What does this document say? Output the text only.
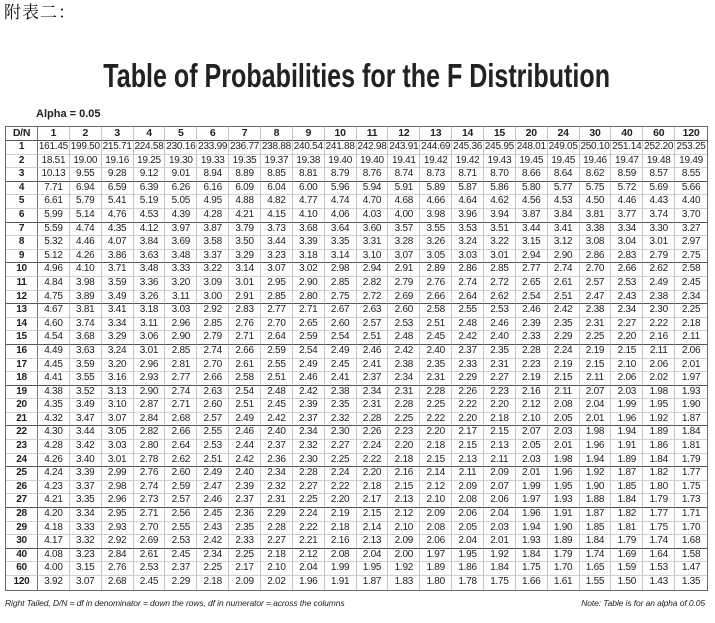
附表二：
Table of Probabilities for the F Distribution
Alpha = 0.05
D/N	1	2	3	4	5	6	7	8	9	10	11	12	13	14	15	20	24	30	40	60	120
1	161.45 199.50 215.71 224.58 230.16 233.99 236.77 238.88 240.54 241.88 242.98 243.91 244.69 245.36 245.95 248.01 249.05 250.10 251.14 252.20 253.25
2	18.51 19.00 19.16 19.25 19.30 19.33 19.35 19.37 19.38 19.40 19.40 19.41 19.42 19.42 19.43 19.45 19.45 19.46 19.47 19.48 19.49
3	10.13	9.55	9.28	9.12	9.01	8.94	8.89	8.85	8.81	8.79	8.76	8.74	8.73	8.71	8.70	8.66	8.64	8.62	8.59	8.57	8.55
4	7.71	6.94	6.59	6.39	6.26	6.16	6.09	6.04	6.00	5.96	5.94	5.91	5.89	5.87	5.86	5.80	5.77	5.75	5.72	5.69	5.66
5	6.61	5.79	5.41	5.19	5.05	4.95	4.88	4.82	4.77	4.74	4.70	4.68	4.66	4.64	4.62	4.56	4.53	4.50	4.46	4.43	4.40
6	5.99	5.14	4.76	4.53	4.39	4.28	4.21	4.15	4.10	4.06	4.03	4.00	3.98	3.96	3.94	3.87	3.84	3.81	3.77	3.74	3.70
7	5.59	4.74	4.35	4.12	3.97	3.87	3.79	3.73	3.68	3.64	3.60	3.57	3.55	3.53	3.51	3.44	3.41	3.38	3.34	3.30	3.27
8	5.32	4.46	4.07	3.84	3.69	3.58	3.50	3.44	3.39	3.35	3.31	3.28	3.26	3.24	3.22	3.15	3.12	3.08	3.04	3.01	2.97
9	5.12	4.26	3.86	3.63	3.48	3.37	3.29	3.23	3.18	3.14	3.10	3.07	3.05	3.03	3.01	2.94	2.90	2.86	2.83	2.79	2.75
10	4.96	4.10	3.71	3.48	3.33	3.22	3.14	3.07	3.02	2.98	2.94	2.91	2.89	2.86	2.85	2.77	2.74	2.70	2.66	2.62	2.58
11	4.84	3.98	3.59	3.36	3.20	3.09	3.01	2.95	2.90	2.85	2.82	2.79	2.76	2.74	2.72	2.65	2.61	2.57	2.53	2.49	2.45
12	4.75	3.89	3.49	3.26	3.11	3.00	2.91	2.85	2.80	2.75	2.72	2.69	2.66	2.64	2.62	2.54	2.51	2.47	2.43	2.38	2.34
13	4.67	3.81	3.41	3.18	3.03	2.92	2.83	2.77	2.71	2.67	2.63	2.60	2.58	2.55	2.53	2.46	2.42	2.38	2.34	2.30	2.25
14	4.60	3.74	3.34	3.11	2.96	2.85	2.76	2.70	2.65	2.60	2.57	2.53	2.51	2.48	2.46	2.39	2.35	2.31	2.27	2.22	2.18
15	4.54	3.68	3.29	3.06	2.90	2.79	2.71	2.64	2.59	2.54	2.51	2.48	2.45	2.42	2.40	2.33	2.29	2.25	2.20	2.16	2.11
16	4.49	3.63	3.24	3.01	2.85	2.74	2.66	2.59	2.54	2.49	2.46	2.42	2.40	2.37	2.35	2.28	2.24	2.19	2.15	2.11	2.06
17	4.45	3.59	3.20	2.96	2.81	2.70	2.61	2.55	2.49	2.45	2.41	2.38	2.35	2.33	2.31	2.23	2.19	2.15	2.10	2.06	2.01
18	4.41	3.55	3.16	2.93	2.77	2.66	2.58	2.51	2.46	2.41	2.37	2.34	2.31	2.29	2.27	2.19	2.15	2.11	2.06	2.02	1.97
19	4.38	3.52	3.13	2.90	2.74	2.63	2.54	2.48	2.42	2.38	2.34	2.31	2.28	2.26	2.23	2.16	2.11	2.07	2.03	1.98	1.93
20	4.35	3.49	3.10	2.87	2.71	2.60	2.51	2.45	2.39	2.35	2.31	2.28	2.25	2.22	2.20	2.12	2.08	2.04	1.99	1.95	1.90
21	4.32	3.47	3.07	2.84	2.68	2.57	2.49	2.42	2.37	2.32	2.28	2.25	2.22	2.20	2.18	2.10	2.05	2.01	1.96	1.92	1.87
22	4.30	3.44	3.05	2.82	2.66	2.55	2.46	2.40	2.34	2.30	2.26	2.23	2.20	2.17	2.15	2.07	2.03	1.98	1.94	1.89	1.84
23	4.28	3.42	3.03	2.80	2.64	2.53	2.44	2.37	2.32	2.27	2.24	2.20	2.18	2.15	2.13	2.05	2.01	1.96	1.91	1.86	1.81
24	4.26	3.40	3.01	2.78	2.62	2.51	2.42	2.36	2.30	2.25	2.22	2.18	2.15	2.13	2.11	2.03	1.98	1.94	1.89	1.84	1.79
25	4.24	3.39	2.99	2.76	2.60	2.49	2.40	2.34	2.28	2.24	2.20	2.16	2.14	2.11	2.09	2.01	1.96	1.92	1.87	1.82	1.77
26	4.23	3.37	2.98	2.74	2.59	2.47	2.39	2.32	2.27	2.22	2.18	2.15	2.12	2.09	2.07	1.99	1.95	1.90	1.85	1.80	1.75
27	4.21	3.35	2.96	2.73	2.57	2.46	2.37	2.31	2.25	2.20	2.17	2.13	2.10	2.08	2.06	1.97	1.93	1.88	1.84	1.79	1.73
28	4.20	3.34	2.95	2.71	2.56	2.45	2.36	2.29	2.24	2.19	2.15	2.12	2.09	2.06	2.04	1.96	1.91	1.87	1.82	1.77	1.71
29	4.18	3.33	2.93	2.70	2.55	2.43	2.35	2.28	2.22	2.18	2.14	2.10	2.08	2.05	2.03	1.94	1.90	1.85	1.81	1.75	1.70
30	4.17	3.32	2.92	2.69	2.53	2.42	2.33	2.27	2.21	2.16	2.13	2.09	2.06	2.04	2.01	1.93	1.89	1.84	1.79	1.74	1.68
40	4.08	3.23	2.84	2.61	2.45	2.34	2.25	2.18	2.12	2.08	2.04	2.00	1.97	1.95	1.92	1.84	1.79	1.74	1.69	1.64	1.58
60	4.00	3.15	2.76	2.53	2.37	2.25	2.17	2.10	2.04	1.99	1.95	1.92	1.89	1.86	1.84	1.75	1.70	1.65	1.59	1.53	1.47
120	3.92	3.07	2.68	2.45	2.29	2.18	2.09	2.02	1.96	1.91	1.87	1.83	1.80	1.78	1.75	1.66	1.61	1.55	1.50	1.43	1.35
Right Tailed, D/N = df in denominator = down the rows, df in numerator = across the columns	Note: Table is for an alpha of 0.05
